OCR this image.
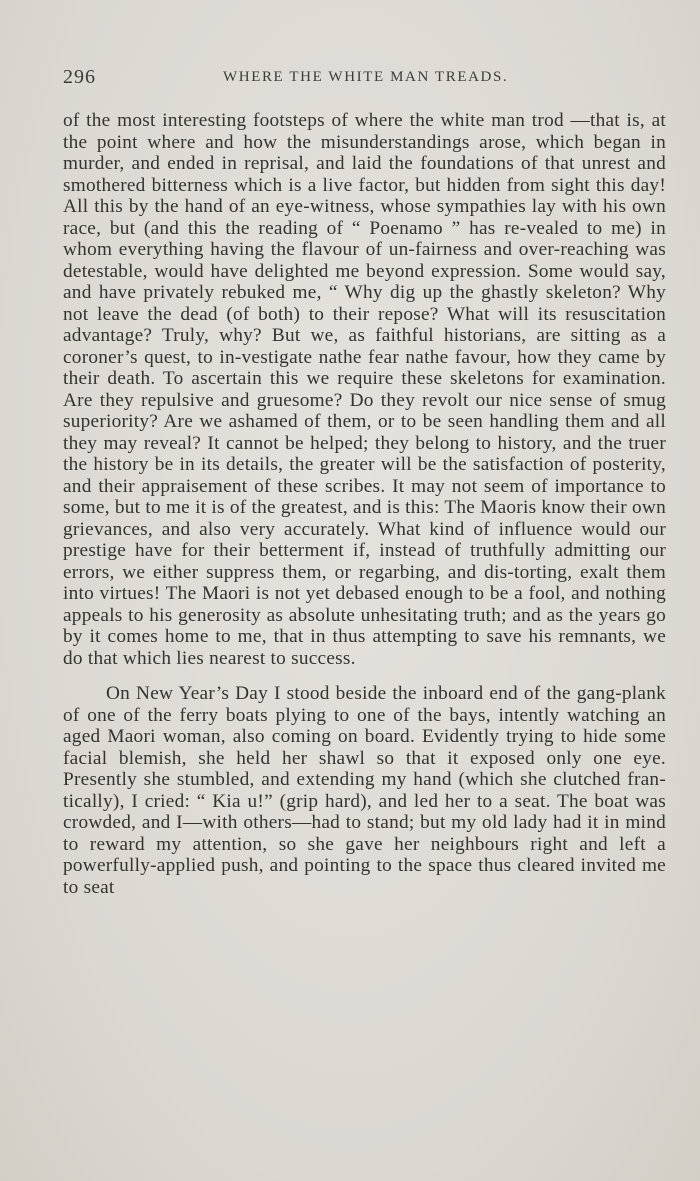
296	WHERE THE WHITE MAN TREADS.

of the most interesting footsteps of where the white man trod —that is, at the point where and how the misunderstandings arose, which began in murder, and ended in reprisal, and laid the foundations of that unrest and smothered bitterness which is a live factor, but hidden from sight this day! All this by the hand of an eye-witness, whose sympathies lay with his own race, but (and this the reading of “ Poenamo ” has re-vealed to me) in whom everything having the flavour of un-fairness and over-reaching was detestable, would have delighted me beyond expression. Some would say, and have privately rebuked me, “ Why dig up the ghastly skeleton? Why not leave the dead (of both) to their repose? What will its resuscitation advantage? Truly, why? But we, as faithful historians, are sitting as a coroner’s quest, to in-vestigate nathe fear nathe favour, how they came by their death. To ascertain this we require these skeletons for examination. Are they repulsive and gruesome? Do they revolt our nice sense of smug superiority? Are we ashamed of them, or to be seen handling them and all they may reveal? It cannot be helped; they belong to history, and the truer the history be in its details, the greater will be the satisfaction of posterity, and their appraisement of these scribes. It may not seem of importance to some, but to me it is of the greatest, and is this: The Maoris know their own grievances, and also very accurately. What kind of influence would our prestige have for their betterment if, instead of truthfully admitting our errors, we either suppress them, or regarbing, and dis-torting, exalt them into virtues! The Maori is not yet debased enough to be a fool, and nothing appeals to his generosity as absolute unhesitating truth; and as the years go by it comes home to me, that in thus attempting to save his remnants, we do that which lies nearest to success.

On New Year’s Day I stood beside the inboard end of the gang-plank of one of the ferry boats plying to one of the bays, intently watching an aged Maori woman, also coming on board. Evidently trying to hide some facial blemish, she held her shawl so that it exposed only one eye. Presently she stumbled, and extending my hand (which she clutched fran-tically), I cried: “ Kia u!” (grip hard), and led her to a seat. The boat was crowded, and I—with others—had to stand; but my old lady had it in mind to reward my attention, so she gave her neighbours right and left a powerfully-applied push, and pointing to the space thus cleared invited me to seat
